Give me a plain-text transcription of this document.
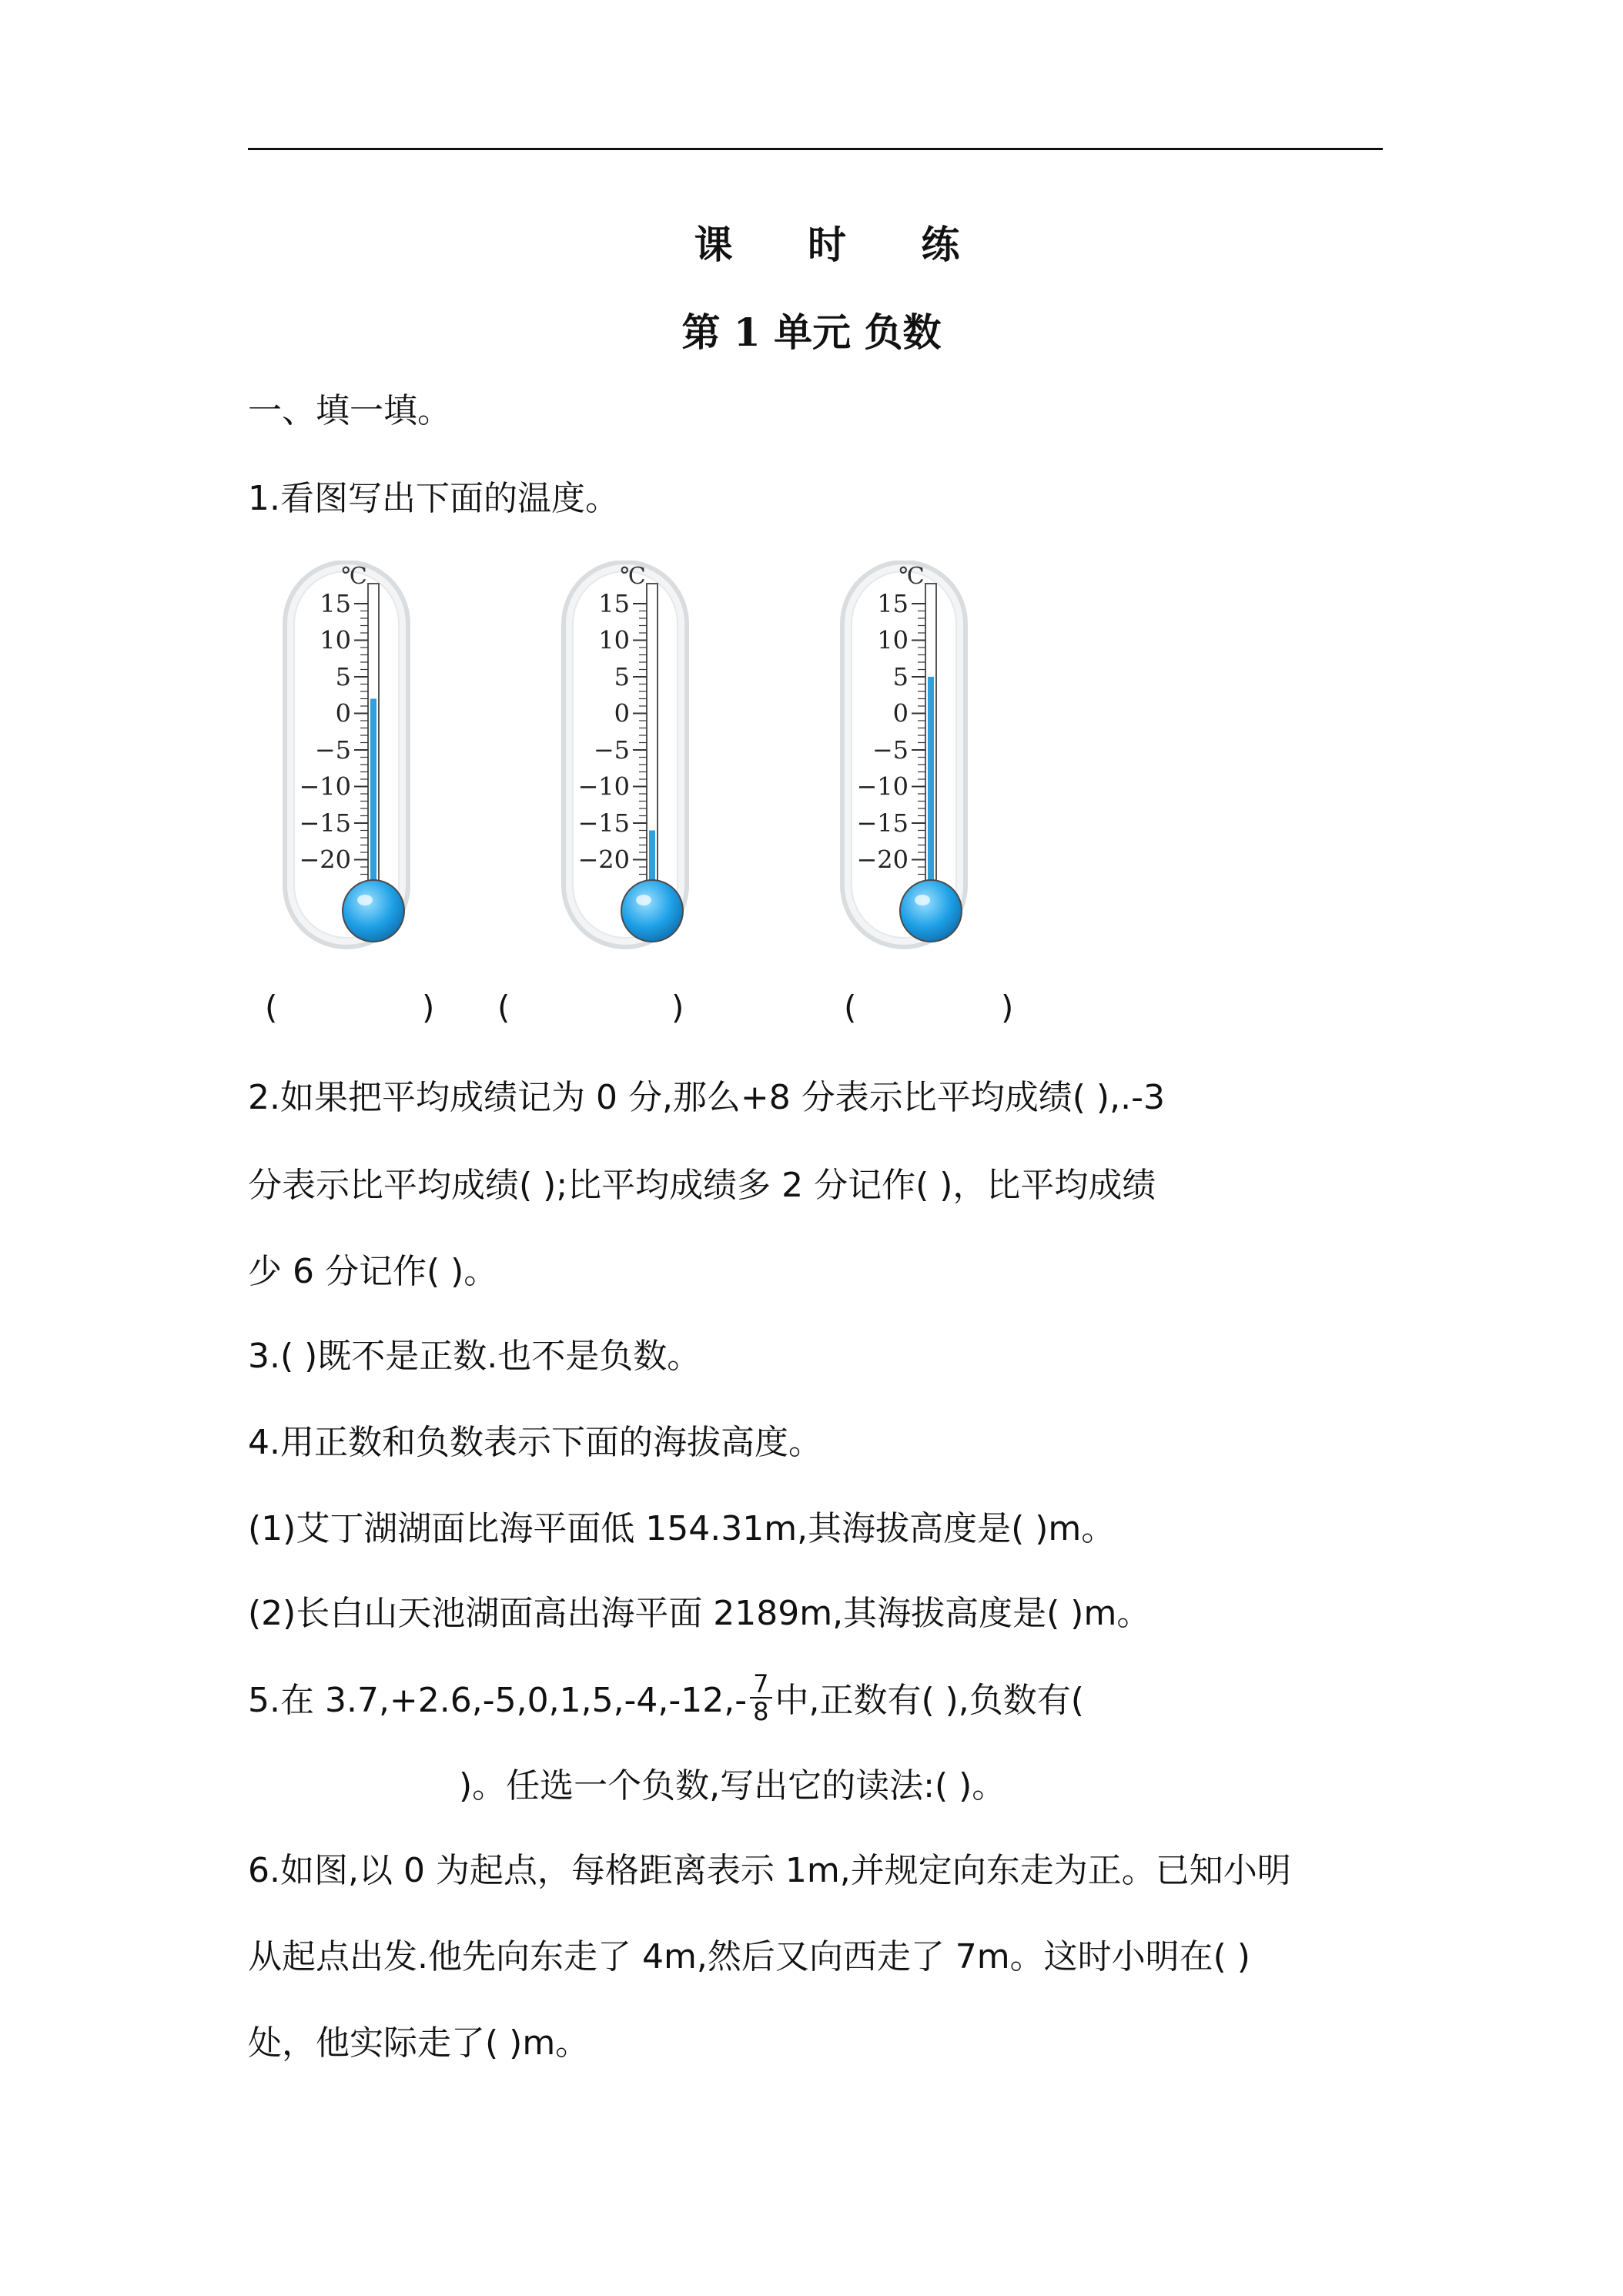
课 时 练
第 1 单元 负数
一、填一填。
1.看图写出下面的温度。
℃
15
10
5
0
−5
−10
−15
−20
℃
15
10
5
0
−5
−10
−15
−20
℃
15
10
5
0
−5
−10
−15
−20
(	) (	)	(	)
2.如果把平均成绩记为 0 分,那么+8 分表示比平均成绩( ),.-3
分表示比平均成绩( );比平均成绩多 2 分记作( )，比平均成绩
少 6 分记作( )。
3.( )既不是正数.也不是负数。
4.用正数和负数表示下面的海拔高度。
(1)艾丁湖湖面比海平面低 154.31m,其海拔高度是( )m。
(2)长白山天池湖面高出海平面 2189m,其海拔高度是( )m。
5.在 $3.7,+2.6,-5,0,1,5,-4,-12,- \frac{7}{8}$ 中,正数有( ),负数有(
)。任选一个负数,写出它的读法:( )。
6.如图,以 0 为起点，每格距离表示 1m,并规定向东走为正。已知小明
从起点出发.他先向东走了 4m,然后又向西走了 7m。这时小明在( )
处，他实际走了( )m。
